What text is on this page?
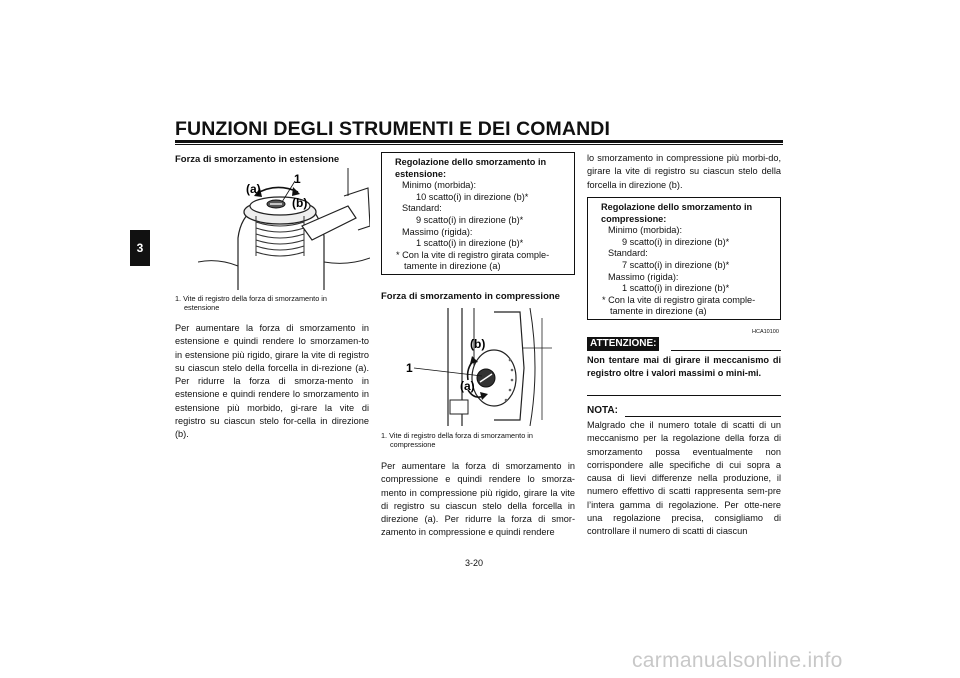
FUNZIONI DEGLI STRUMENTI E DEI COMANDI
3
Forza di smorzamento in estensione
(a)
1
(b)
1. Vite di registro della forza di smorzamento in
estensione
Per aumentare la forza di smorzamento in estensione e quindi rendere lo smorzamen-to in estensione più rigido, girare la vite di registro su ciascun stelo della forcella in di-rezione (a). Per ridurre la forza di smorza-mento in estensione e quindi rendere lo smorzamento in estensione più morbido, gi-rare la vite di registro su ciascun stelo for-cella in direzione (b).
Regolazione dello smorzamento in
estensione:
Minimo (morbida):
10 scatto(i) in direzione (b)*
Standard:
9 scatto(i) in direzione (b)*
Massimo (rigida):
1 scatto(i) in direzione (b)*
* Con la vite di registro girata comple-
tamente in direzione (a)
Forza di smorzamento in compressione
1
(b)
(a)
1. Vite di registro della forza di smorzamento in
compressione
Per aumentare la forza di smorzamento in compressione e quindi rendere lo smorza-mento in compressione più rigido, girare la vite di registro su ciascun stelo della forcella in direzione (a). Per ridurre la forza di smor-zamento in compressione e quindi rendere
lo smorzamento in compressione più morbi-do, girare la vite di registro su ciascun stelo della forcella in direzione (b).
Regolazione dello smorzamento in
compressione:
Minimo (morbida):
9 scatto(i) in direzione (b)*
Standard:
7 scatto(i) in direzione (b)*
Massimo (rigida):
1 scatto(i) in direzione (b)*
* Con la vite di registro girata comple-
tamente in direzione (a)
HCA10100
ATTENZIONE:
Non tentare mai di girare il meccanismo di registro oltre i valori massimi o mini-mi.
NOTA:
Malgrado che il numero totale di scatti di un meccanismo per la regolazione della forza di smorzamento possa eventualmente non corrispondere alle specifiche di cui sopra a causa di lievi differenze nella produzione, il numero effettivo di scatti rappresenta sem-pre l’intera gamma di regolazione. Per otte-nere una regolazione precisa, consigliamo di controllare il numero di scatti di ciascun
3-20
carmanualsonline.info
